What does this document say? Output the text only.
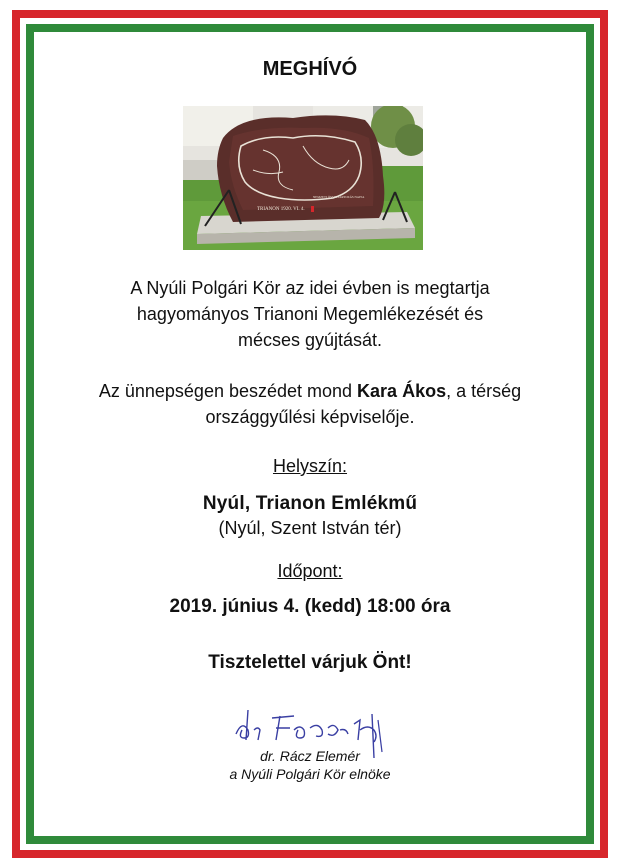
MEGHÍVÓ
TRIANON 1920. VI. 4.
NEMZETI ÖSSZETARTOZÁS NAPJA
A Nyúli Polgári Kör az idei évben is megtartja
hagyományos Trianoni Megemlékezését és
mécses gyújtását.
Az ünnepségen beszédet mond Kara Ákos, a térség
országgyűlési képviselője.
Helyszín:
Nyúl, Trianon Emlékmű
(Nyúl, Szent István tér)
Időpont:
2019. június 4. (kedd) 18:00 óra
Tisztelettel várjuk Önt!
dr. Rácz Elemér
a Nyúli Polgári Kör elnöke
